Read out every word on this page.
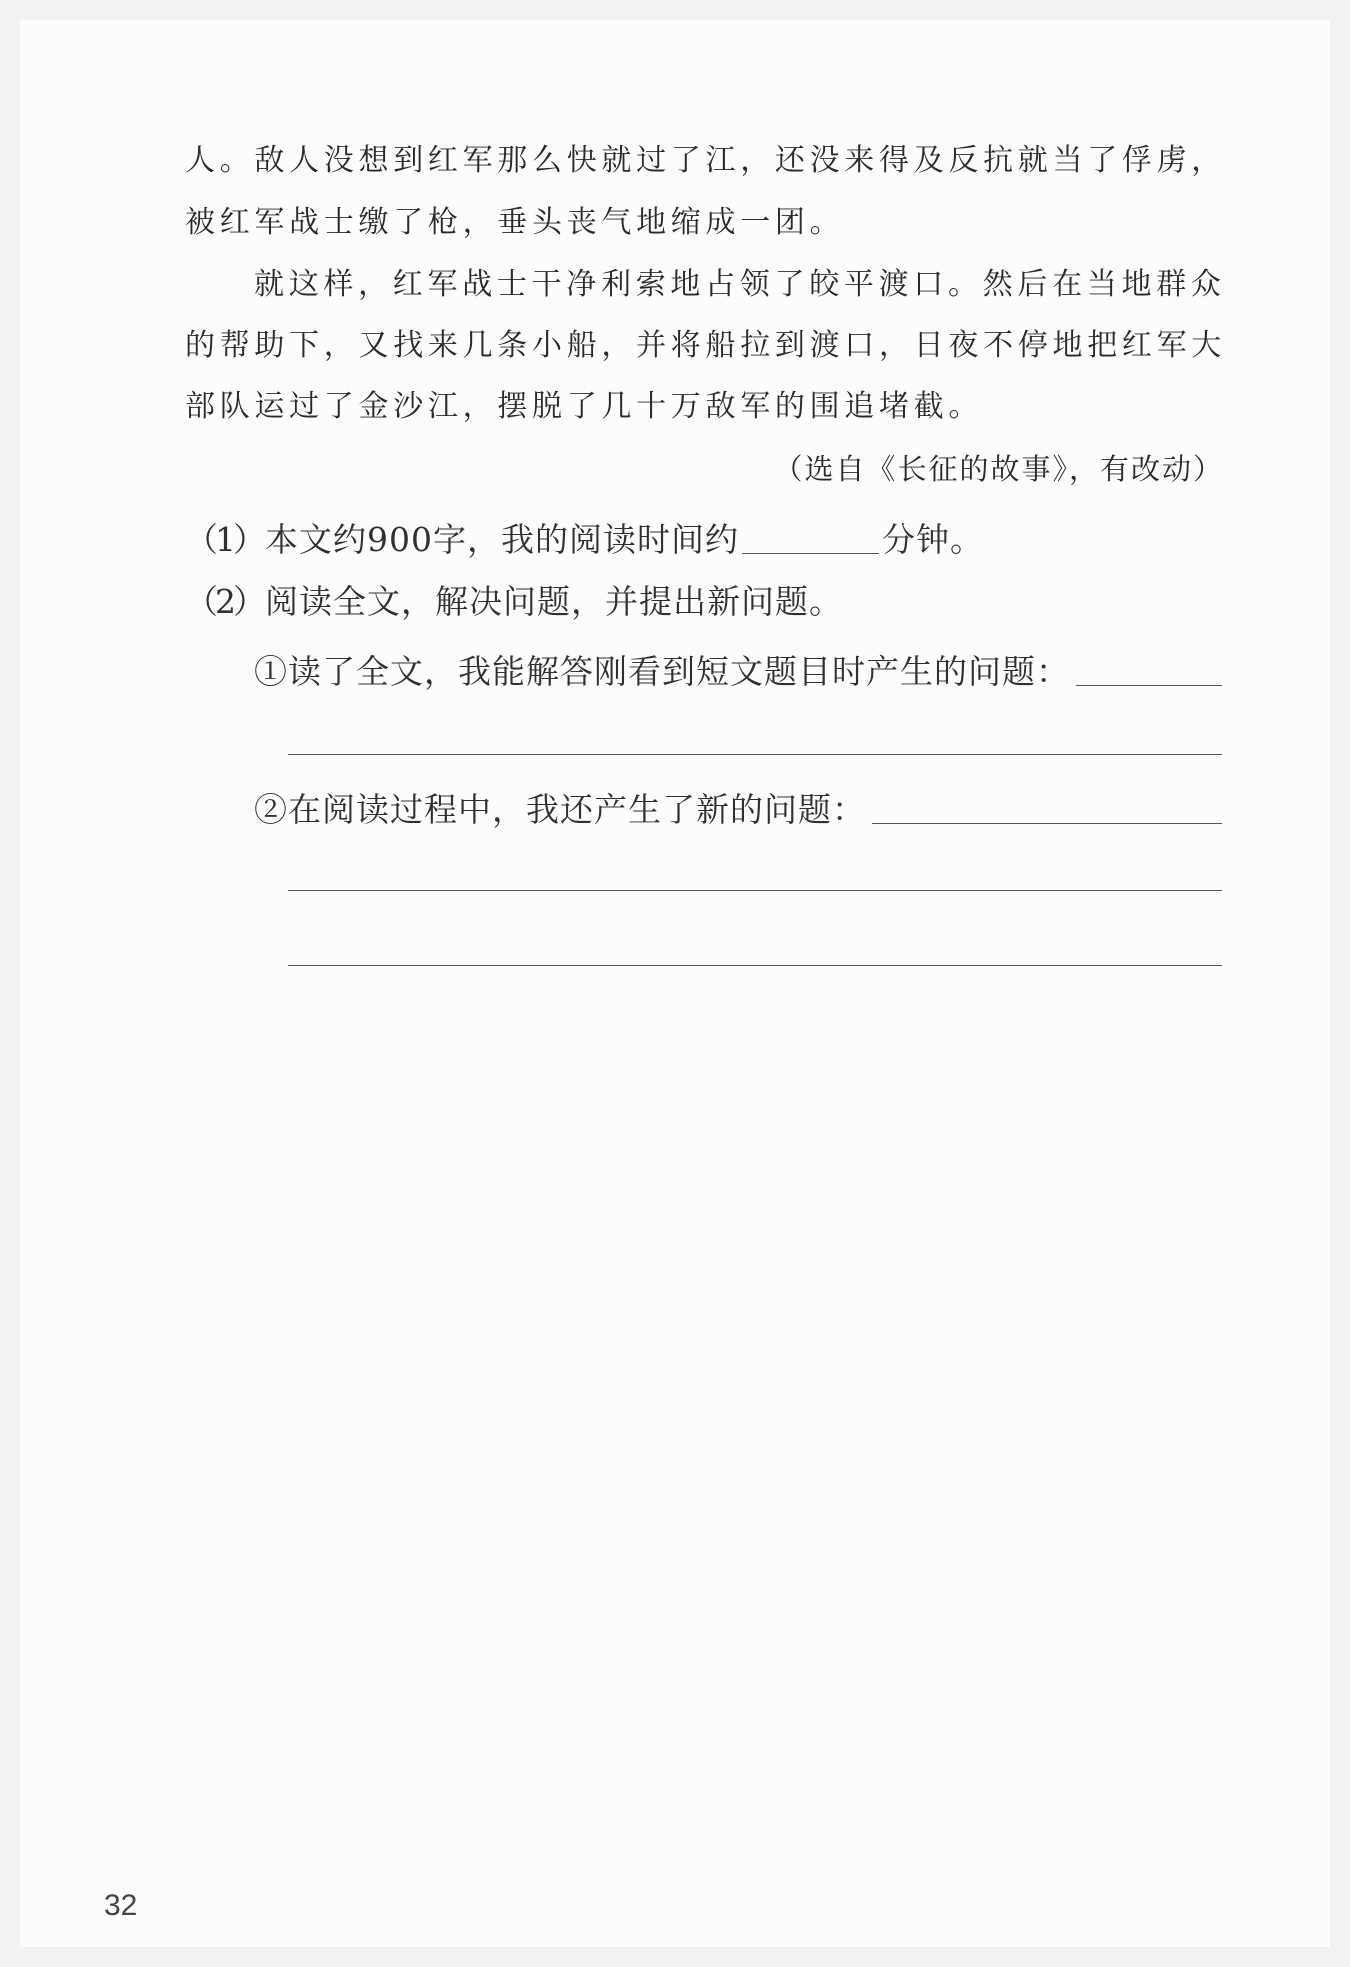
人。敌人没想到红军那么快就过了江，还没来得及反抗就当了俘虏，
被红军战士缴了枪，垂头丧气地缩成一团。
就这样，红军战士干净利索地占领了皎平渡口。然后在当地群众
的帮助下，又找来几条小船，并将船拉到渡口，日夜不停地把红军大
部队运过了金沙江，摆脱了几十万敌军的围追堵截。
（选自《长征的故事》，有改动）
（1）本文约900字，我的阅读时间约	分钟。
（2）阅读全文，解决问题，并提出新问题。
①读了全文，我能解答刚看到短文题目时产生的问题：
②在阅读过程中，我还产生了新的问题：
32
